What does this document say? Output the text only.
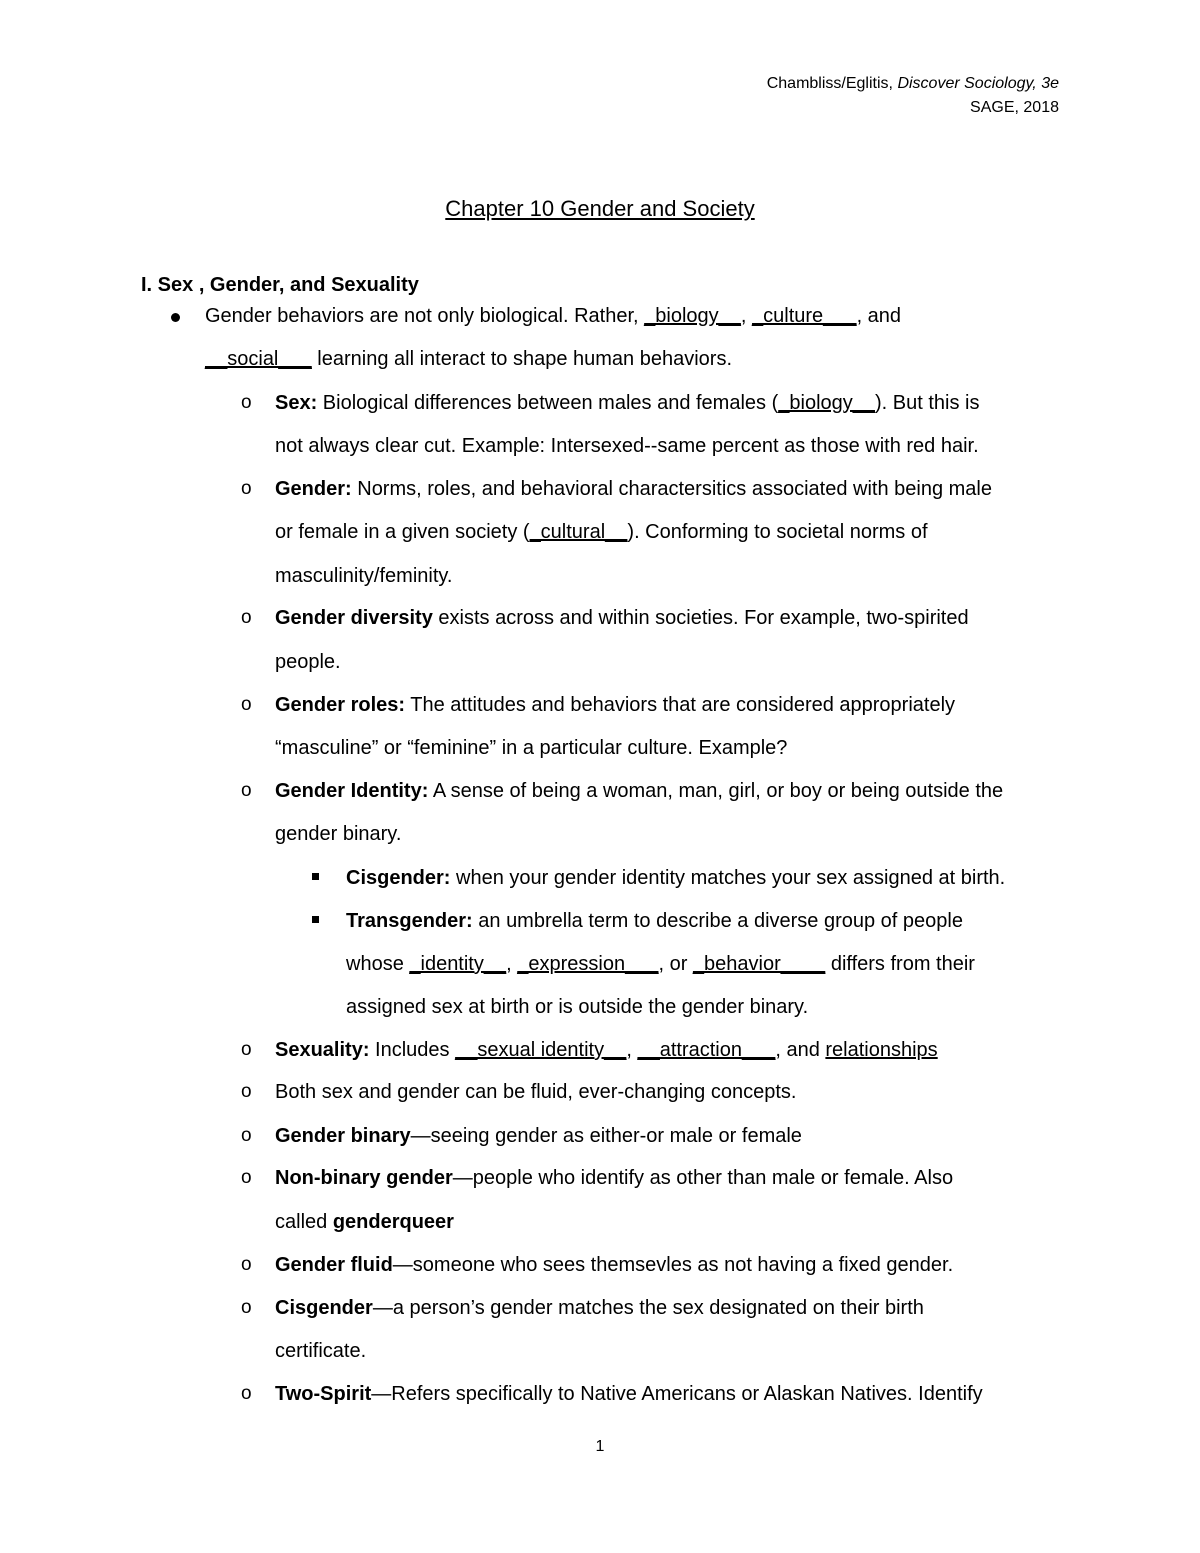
Chambliss/Eglitis, Discover Sociology, 3e
SAGE, 2018
Chapter 10 Gender and Society
I. Sex , Gender, and Sexuality
Gender behaviors are not only biological. Rather, _biology__, _culture___, and
__social___ learning all interact to shape human behaviors.
o Sex: Biological differences between males and females (_biology__). But this is
not always clear cut. Example: Intersexed--same percent as those with red hair.
o Gender: Norms, roles, and behavioral charactersitics associated with being male
or female in a given society (_cultural__). Conforming to societal norms of
masculinity/feminity.
o Gender diversity exists across and within societies. For example, two-spirited
people.
o Gender roles: The attitudes and behaviors that are considered appropriately
“masculine” or “feminine” in a particular culture. Example?
o Gender Identity: A sense of being a woman, man, girl, or boy or being outside the
gender binary.
Cisgender: when your gender identity matches your sex assigned at birth.
Transgender: an umbrella term to describe a diverse group of people
whose _identity__, _expression___, or _behavior____ differs from their
assigned sex at birth or is outside the gender binary.
o Sexuality: Includes __sexual identity__, __attraction___, and relationships
o Both sex and gender can be fluid, ever-changing concepts.
o Gender binary—seeing gender as either-or male or female
o Non-binary gender—people who identify as other than male or female. Also
called genderqueer
o Gender fluid—someone who sees themsevles as not having a fixed gender.
o Cisgender—a person’s gender matches the sex designated on their birth
certificate.
o Two-Spirit—Refers specifically to Native Americans or Alaskan Natives. Identify
1
